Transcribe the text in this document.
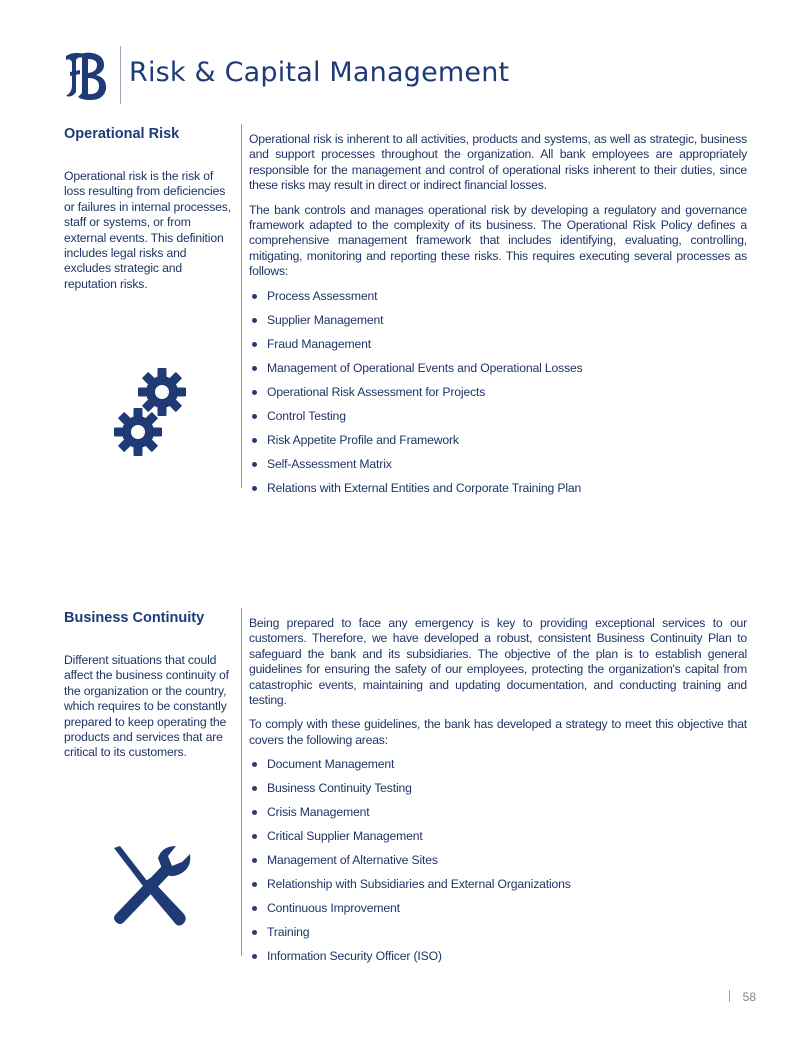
Risk & Capital Management
Operational Risk
Operational risk is the risk of loss resulting from deficiencies or failures in internal processes, staff or systems, or from external events. This definition includes legal risks and excludes strategic and reputation risks.

Operational risk is inherent to all activities, products and systems, as well as strategic, business and support processes throughout the organization. All bank employees are appropriately responsible for the management and control of operational risks inherent to their duties, since these risks may result in direct or indirect financial losses.

The bank controls and manages operational risk by developing a regulatory and governance framework adapted to the complexity of its business. The Operational Risk Policy defines a comprehensive management framework that includes identifying, evaluating, controlling, mitigating, monitoring and reporting these risks. This requires executing several processes as follows:

Process Assessment
Supplier Management
Fraud Management
Management of Operational Events and Operational Losses
Operational Risk Assessment for Projects
Control Testing
Risk Appetite Profile and Framework
Self-Assessment Matrix
Relations with External Entities and Corporate Training Plan
Business Continuity
Different situations that could affect the business continuity of the organization or the country, which requires to be constantly prepared to keep operating the products and services that are critical to its customers.

Being prepared to face any emergency is key to providing exceptional services to our customers. Therefore, we have developed a robust, consistent Business Continuity Plan to safeguard the bank and its subsidiaries. The objective of the plan is to establish general guidelines for ensuring the safety of our employees, protecting the organization's capital from catastrophic events, maintaining and updating documentation, and conducting training and testing.

To comply with these guidelines, the bank has developed a strategy to meet this objective that covers the following areas:

Document Management
Business Continuity Testing
Crisis Management
Critical Supplier Management
Management of Alternative Sites
Relationship with Subsidiaries and External Organizations
Continuous Improvement
Training
Information Security Officer (ISO)
58
